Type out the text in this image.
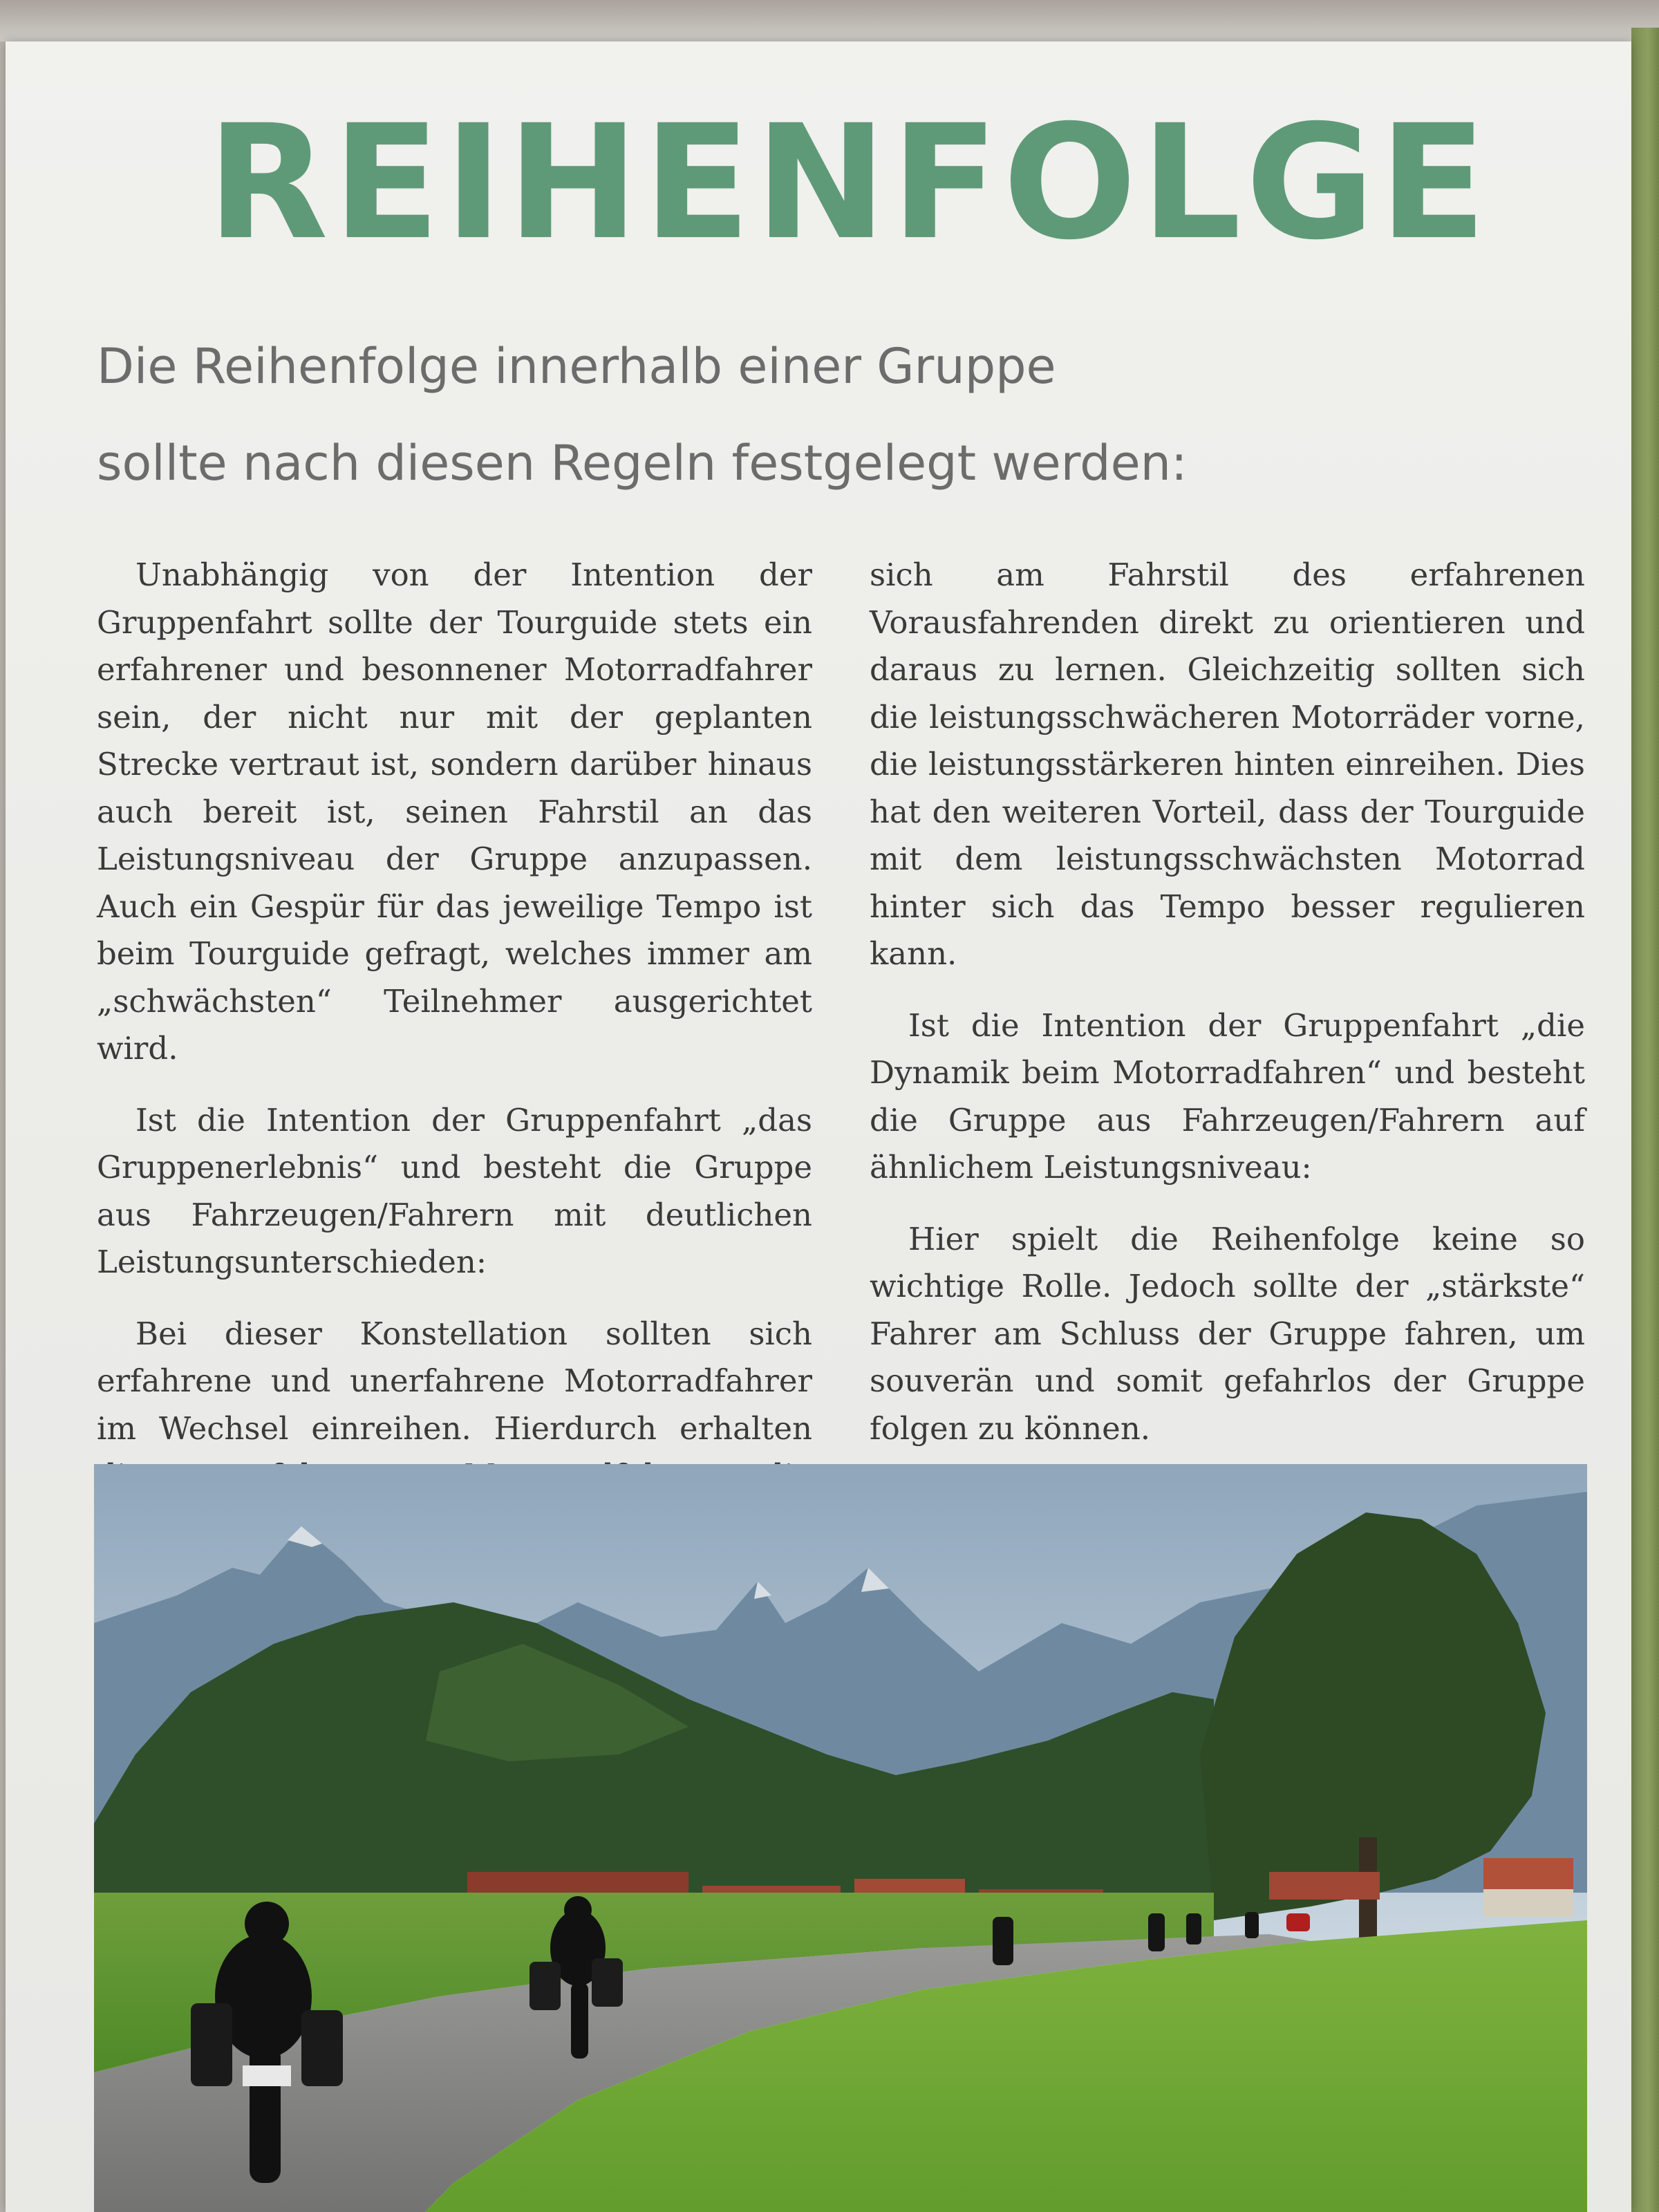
REIHENFOLGE
Die Reihenfolge innerhalb einer Gruppe
sollte nach diesen Regeln festgelegt werden:

Unabhängig von der Intention der Gruppenfahrt sollte der Tourguide stets ein erfahrener und besonnener Motorradfahrer sein, der nicht nur mit der geplanten Strecke vertraut ist, sondern darüber hinaus auch bereit ist, seinen Fahrstil an das Leistungsniveau der Gruppe anzupassen. Auch ein Gespür für das jeweilige Tempo ist beim Tourguide gefragt, welches immer am „schwächsten“ Teilnehmer ausgerichtet wird.

Ist die Intention der Gruppenfahrt „das Gruppenerlebnis“ und besteht die Gruppe aus Fahrzeugen/Fahrern mit deutlichen Leistungsunterschieden:

Bei dieser Konstellation sollten sich erfahrene und unerfahrene Motorradfahrer im Wechsel einreihen. Hierdurch erhalten

sich am Fahrstil des erfahrenen Vorausfahrenden direkt zu orientieren und daraus zu lernen. Gleichzeitig sollten sich die leistungsschwächeren Motorräder vorne, die leistungsstärkeren hinten einreihen. Dies hat den weiteren Vorteil, dass der Tourguide mit dem leistungsschwächsten Motorrad hinter sich das Tempo besser regulieren kann.

Ist die Intention der Gruppenfahrt „die Dynamik beim Motorradfahren“ und besteht die Gruppe aus Fahrzeugen/Fahrern auf ähnlichem Leistungsniveau:

Hier spielt die Reihenfolge keine so wichtige Rolle. Jedoch sollte der „stärkste“ Fahrer am Schluss der Gruppe fahren, um souverän und somit gefahrlos der Gruppe folgen zu können.
